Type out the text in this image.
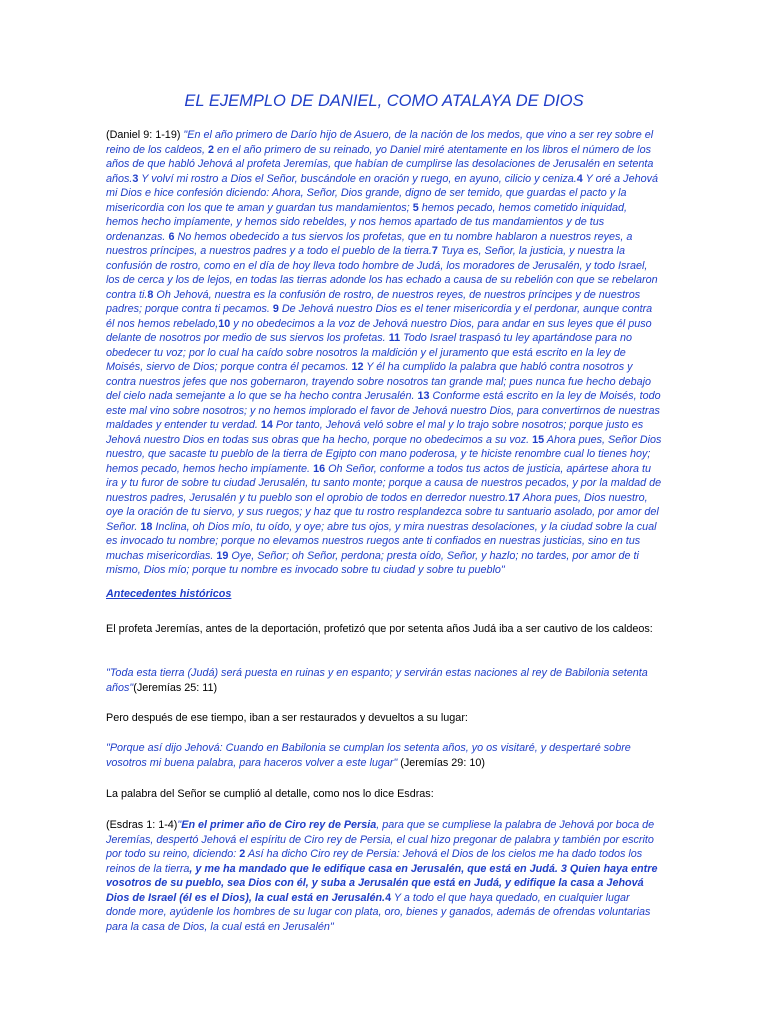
EL EJEMPLO DE DANIEL, COMO ATALAYA DE DIOS

(Daniel 9: 1-19) "En el año primero de Darío hijo de Asuero, de la nación de los medos, que vino a ser rey sobre el reino de los caldeos, 2 en el año primero de su reinado, yo Daniel miré atentamente en los libros el número de los años de que habló Jehová al profeta Jeremías, que habían de cumplirse las desolaciones de Jerusalén en setenta años.3 Y volví mi rostro a Dios el Señor, buscándole en oración y ruego, en ayuno, cilicio y ceniza.4 Y oré a Jehová mi Dios e hice confesión diciendo: Ahora, Señor, Dios grande, digno de ser temido, que guardas el pacto y la misericordia con los que te aman y guardan tus mandamientos; 5 hemos pecado, hemos cometido iniquidad, hemos hecho impíamente, y hemos sido rebeldes, y nos hemos apartado de tus mandamientos y de tus ordenanzas. 6 No hemos obedecido a tus siervos los profetas, que en tu nombre hablaron a nuestros reyes, a nuestros príncipes, a nuestros padres y a todo el pueblo de la tierra.7 Tuya es, Señor, la justicia, y nuestra la confusión de rostro, como en el día de hoy lleva todo hombre de Judá, los moradores de Jerusalén, y todo Israel, los de cerca y los de lejos, en todas las tierras adonde los has echado a causa de su rebelión con que se rebelaron contra ti.8 Oh Jehová, nuestra es la confusión de rostro, de nuestros reyes, de nuestros príncipes y de nuestros padres; porque contra ti pecamos. 9 De Jehová nuestro Dios es el tener misericordia y el perdonar, aunque contra él nos hemos rebelado,10 y no obedecimos a la voz de Jehová nuestro Dios, para andar en sus leyes que él puso delante de nosotros por medio de sus siervos los profetas. 11 Todo Israel traspasó tu ley apartándose para no obedecer tu voz; por lo cual ha caído sobre nosotros la maldición y el juramento que está escrito en la ley de Moisés, siervo de Dios; porque contra él pecamos. 12 Y él ha cumplido la palabra que habló contra nosotros y contra nuestros jefes que nos gobernaron, trayendo sobre nosotros tan grande mal; pues nunca fue hecho debajo del cielo nada semejante a lo que se ha hecho contra Jerusalén. 13 Conforme está escrito en la ley de Moisés, todo este mal vino sobre nosotros; y no hemos implorado el favor de Jehová nuestro Dios, para convertirnos de nuestras maldades y entender tu verdad. 14 Por tanto, Jehová veló sobre el mal y lo trajo sobre nosotros; porque justo es Jehová nuestro Dios en todas sus obras que ha hecho, porque no obedecimos a su voz. 15 Ahora pues, Señor Dios nuestro, que sacaste tu pueblo de la tierra de Egipto con mano poderosa, y te hiciste renombre cual lo tienes hoy; hemos pecado, hemos hecho impíamente. 16 Oh Señor, conforme a todos tus actos de justicia, apártese ahora tu ira y tu furor de sobre tu ciudad Jerusalén, tu santo monte; porque a causa de nuestros pecados, y por la maldad de nuestros padres, Jerusalén y tu pueblo son el oprobio de todos en derredor nuestro.17 Ahora pues, Dios nuestro, oye la oración de tu siervo, y sus ruegos; y haz que tu rostro resplandezca sobre tu santuario asolado, por amor del Señor. 18 Inclina, oh Dios mío, tu oído, y oye; abre tus ojos, y mira nuestras desolaciones, y la ciudad sobre la cual es invocado tu nombre; porque no elevamos nuestros ruegos ante ti confiados en nuestras justicias, sino en tus muchas misericordias. 19 Oye, Señor; oh Señor, perdona; presta oído, Señor, y hazlo; no tardes, por amor de ti mismo, Dios mío; porque tu nombre es invocado sobre tu ciudad y sobre tu pueblo"

Antecedentes históricos

El profeta Jeremías, antes de la deportación, profetizó que por setenta años Judá iba a ser cautivo de los caldeos:

"Toda esta tierra (Judá) será puesta en ruinas y en espanto; y servirán estas naciones al rey de Babilonia setenta años"(Jeremías 25: 11)

Pero después de ese tiempo, iban a ser restaurados y devueltos a su lugar:

"Porque así dijo Jehová: Cuando en Babilonia se cumplan los setenta años, yo os visitaré, y despertaré sobre vosotros mi buena palabra, para haceros volver a este lugar" (Jeremías 29: 10)

La palabra del Señor se cumplió al detalle, como nos lo dice Esdras:

(Esdras 1: 1-4)"En el primer año de Ciro rey de Persia, para que se cumpliese la palabra de Jehová por boca de Jeremías, despertó Jehová el espíritu de Ciro rey de Persia, el cual hizo pregonar de palabra y también por escrito por todo su reino, diciendo: 2 Así ha dicho Ciro rey de Persia: Jehová el Dios de los cielos me ha dado todos los reinos de la tierra, y me ha mandado que le edifique casa en Jerusalén, que está en Judá. 3 Quien haya entre vosotros de su pueblo, sea Dios con él, y suba a Jerusalén que está en Judá, y edifique la casa a Jehová Dios de Israel (él es el Dios), la cual está en Jerusalén.4 Y a todo el que haya quedado, en cualquier lugar donde more, ayúdenle los hombres de su lugar con plata, oro, bienes y ganados, además de ofrendas voluntarias para la casa de Dios, la cual está en Jerusalén"
